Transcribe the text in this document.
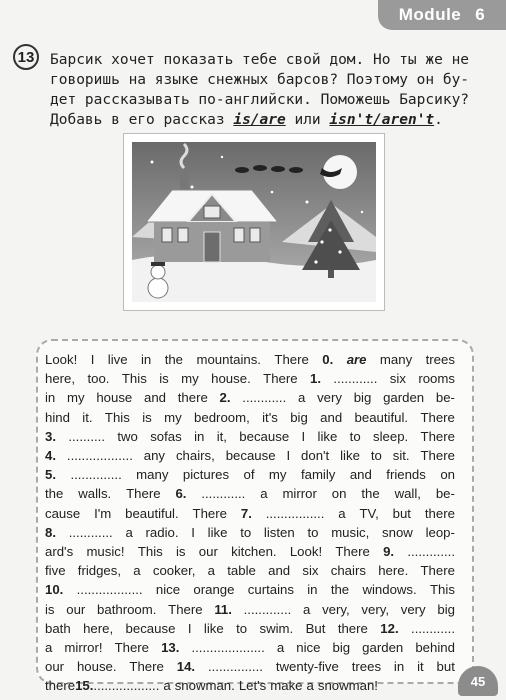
Module 6
13	Барсик хочет показать тебе свой дом. Но ты же не

говоришь на языке снежных барсов? Поэтому он бу-

дет рассказывать по-английски. Поможешь Барсику?

Добавь в его рассказ is/are или isn't/aren't.

Look! I live in the mountains. There 0. are many trees
here, too. This is my house. There 1. ............ six rooms
in my house and there 2. ............ a very big garden be-
hind it. This is my bedroom, it's big and beautiful. There
3. .......... two sofas in it, because I like to sleep. There
4. .................. any chairs, because I don't like to sit. There
5. .............. many pictures of my family and friends on
the walls. There 6. ............ a mirror on the wall, be-
cause I'm beautiful. There 7. ................ a TV, but there
8. ............ a radio. I like to listen to music, snow leop-
ard's music! This is our kitchen. Look! There 9. .............
five fridges, a cooker, a table and six chairs here. There
10. .................. nice orange curtains in the windows. This
is our bathroom. There 11. ............. a very, very, very big
bath here, because I like to swim. But there 12. ............
a mirror! There 13. .................... a nice big garden behind
our house. There 14. ............... twenty-five trees in it but
there 15. .................. a snowman. Let's make a snowman!	45
